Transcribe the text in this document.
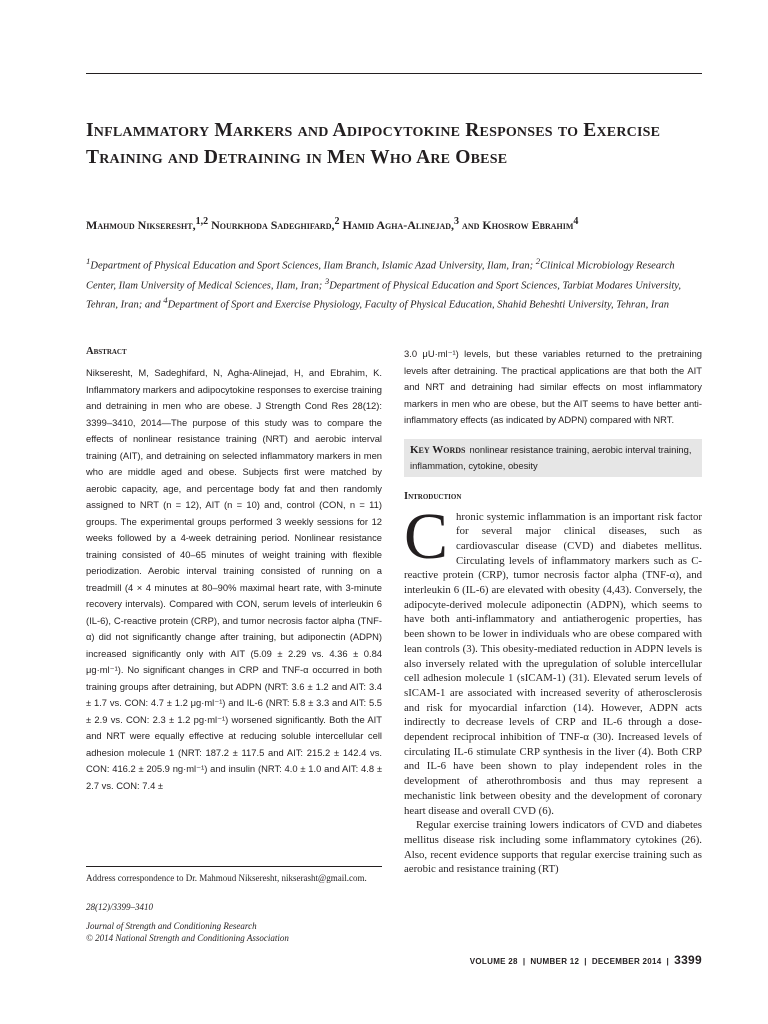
Inflammatory Markers and Adipocytokine Responses to Exercise Training and Detraining in Men Who Are Obese

Mahmoud Nikseresht,$^{1,2}$ Nourkhoda Sadeghifard,$^2$ Hamid Agha-Alinejad,$^3$ and Khosrow Ebrahim$^4$

$^1$Department of Physical Education and Sport Sciences, Ilam Branch, Islamic Azad University, Ilam, Iran; $^2$Clinical Microbiology Research Center, Ilam University of Medical Sciences, Ilam, Iran; $^3$Department of Physical Education and Sport Sciences, Tarbiat Modares University, Tehran, Iran; and $^4$Department of Sport and Exercise Physiology, Faculty of Physical Education, Shahid Beheshti University, Tehran, Iran

Abstract

Nikseresht, M, Sadeghifard, N, Agha-Alinejad, H, and Ebrahim, K. Inflammatory markers and adipocytokine responses to exercise training and detraining in men who are obese. J Strength Cond Res 28(12): 3399–3410, 2014—The purpose of this study was to compare the effects of nonlinear resistance training (NRT) and aerobic interval training (AIT), and detraining on selected inflammatory markers in men who are middle aged and obese. Subjects first were matched by aerobic capacity, age, and percentage body fat and then randomly assigned to NRT (n = 12), AIT (n = 10) and, control (CON, n = 11) groups. The experimental groups performed 3 weekly sessions for 12 weeks followed by a 4-week detraining period. Nonlinear resistance training consisted of 40–65 minutes of weight training with flexible periodization. Aerobic interval training consisted of running on a treadmill (4 × 4 minutes at 80–90% maximal heart rate, with 3-minute recovery intervals). Compared with CON, serum levels of interleukin 6 (IL-6), C-reactive protein (CRP), and tumor necrosis factor alpha (TNF-α) did not significantly change after training, but adiponectin (ADPN) increased significantly only with AIT (5.09 ± 2.29 vs. 4.36 ± 0.84 μg·ml⁻¹). No significant changes in CRP and TNF-α occurred in both training groups after detraining, but ADPN (NRT: 3.6 ± 1.2 and AIT: 3.4 ± 1.7 vs. CON: 4.7 ± 1.2 μg·ml⁻¹) and IL-6 (NRT: 5.8 ± 3.3 and AIT: 5.5 ± 2.9 vs. CON: 2.3 ± 1.2 pg·ml⁻¹) worsened significantly. Both the AIT and NRT were equally effective at reducing soluble intercellular cell adhesion molecule 1 (NRT: 187.2 ± 117.5 and AIT: 215.2 ± 142.4 vs. CON: 416.2 ± 205.9 ng·ml⁻¹) and insulin (NRT: 4.0 ± 1.0 and AIT: 4.8 ± 2.7 vs. CON: 7.4 ±

3.0 μU·ml⁻¹) levels, but these variables returned to the pretraining levels after detraining. The practical applications are that both the AIT and NRT and detraining had similar effects on most inflammatory markers in men who are obese, but the AIT seems to have better anti-inflammatory effects (as indicated by ADPN) compared with NRT.

Key Words nonlinear resistance training, aerobic interval training, inflammation, cytokine, obesity

Introduction

Chronic systemic inflammation is an important risk factor for several major clinical diseases, such as cardiovascular disease (CVD) and diabetes mellitus. Circulating levels of inflammatory markers such as C-reactive protein (CRP), tumor necrosis factor alpha (TNF-α), and interleukin 6 (IL-6) are elevated with obesity (4,43). Conversely, the adipocyte-derived molecule adiponectin (ADPN), which seems to have both anti-inflammatory and antiatherogenic properties, has been shown to be lower in individuals who are obese compared with lean controls (3). This obesity-mediated reduction in ADPN levels is also inversely related with the upregulation of soluble intercellular cell adhesion molecule 1 (sICAM-1) (31). Elevated serum levels of sICAM-1 are associated with increased severity of atherosclerosis and risk for myocardial infarction (14). However, ADPN acts indirectly to decrease levels of CRP and IL-6 through a dose-dependent reciprocal inhibition of TNF-α (30). Increased levels of circulating IL-6 stimulate CRP synthesis in the liver (4). Both CRP and IL-6 have been shown to play independent roles in the development of atherothrombosis and thus may represent a mechanistic link between obesity and the development of coronary heart disease and overall CVD (6).

Regular exercise training lowers indicators of CVD and diabetes mellitus disease risk including some inflammatory cytokines (26). Also, recent evidence supports that regular exercise training such as aerobic and resistance training (RT)

Address correspondence to Dr. Mahmoud Nikseresht, nikserasht@gmail.com.

28(12)/3399–3410

Journal of Strength and Conditioning Research

© 2014 National Strength and Conditioning Association

VOLUME 28 | NUMBER 12 | DECEMBER 2014 | 3399
